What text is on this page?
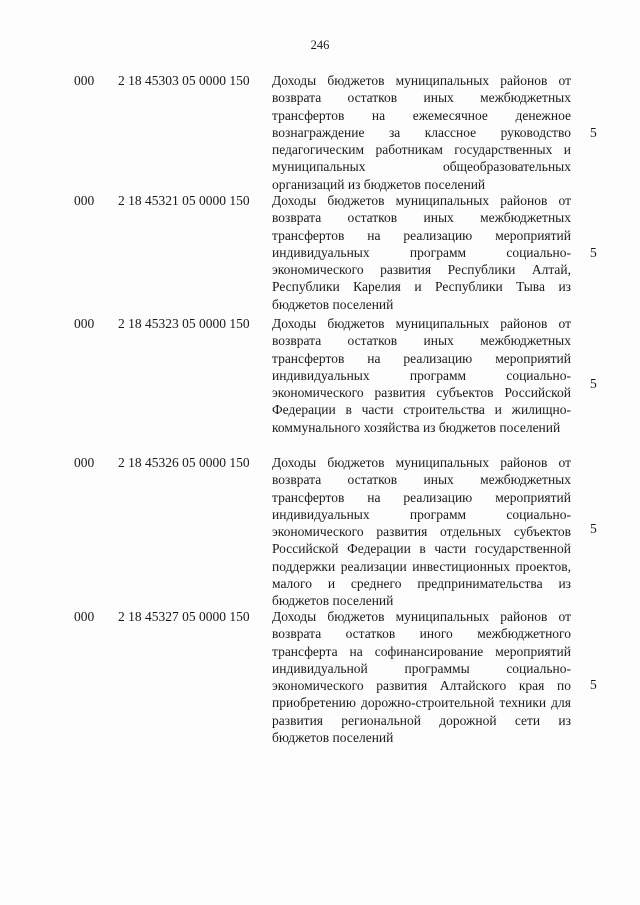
246
000 2 18 45303 05 0000 150 Доходы бюджетов муниципальных районов от возврата остатков иных межбюджетных трансфертов на ежемесячное денежное вознаграждение за классное руководство педагогическим работникам государственных и муниципальных общеобразовательных организаций из бюджетов поселений
5
000 2 18 45321 05 0000 150 Доходы бюджетов муниципальных районов от возврата остатков иных межбюджетных трансфертов на реализацию мероприятий индивидуальных программ социально-экономического развития Республики Алтай, Республики Карелия и Республики Тыва из бюджетов поселений
5
000 2 18 45323 05 0000 150 Доходы бюджетов муниципальных районов от возврата остатков иных межбюджетных трансфертов на реализацию мероприятий индивидуальных программ социально-экономического развития субъектов Российской Федерации в части строительства и жилищно-коммунального хозяйства из бюджетов поселений
5
000 2 18 45326 05 0000 150 Доходы бюджетов муниципальных районов от возврата остатков иных межбюджетных трансфертов на реализацию мероприятий индивидуальных программ социально-экономического развития отдельных субъектов Российской Федерации в части государственной поддержки реализации инвестиционных проектов, малого и среднего предпринимательства из бюджетов поселений
5
000 2 18 45327 05 0000 150 Доходы бюджетов муниципальных районов от возврата остатков иного межбюджетного трансферта на софинансирование мероприятий индивидуальной программы социально-экономического развития Алтайского края по приобретению дорожно-строительной техники для развития региональной дорожной сети из бюджетов поселений
5
